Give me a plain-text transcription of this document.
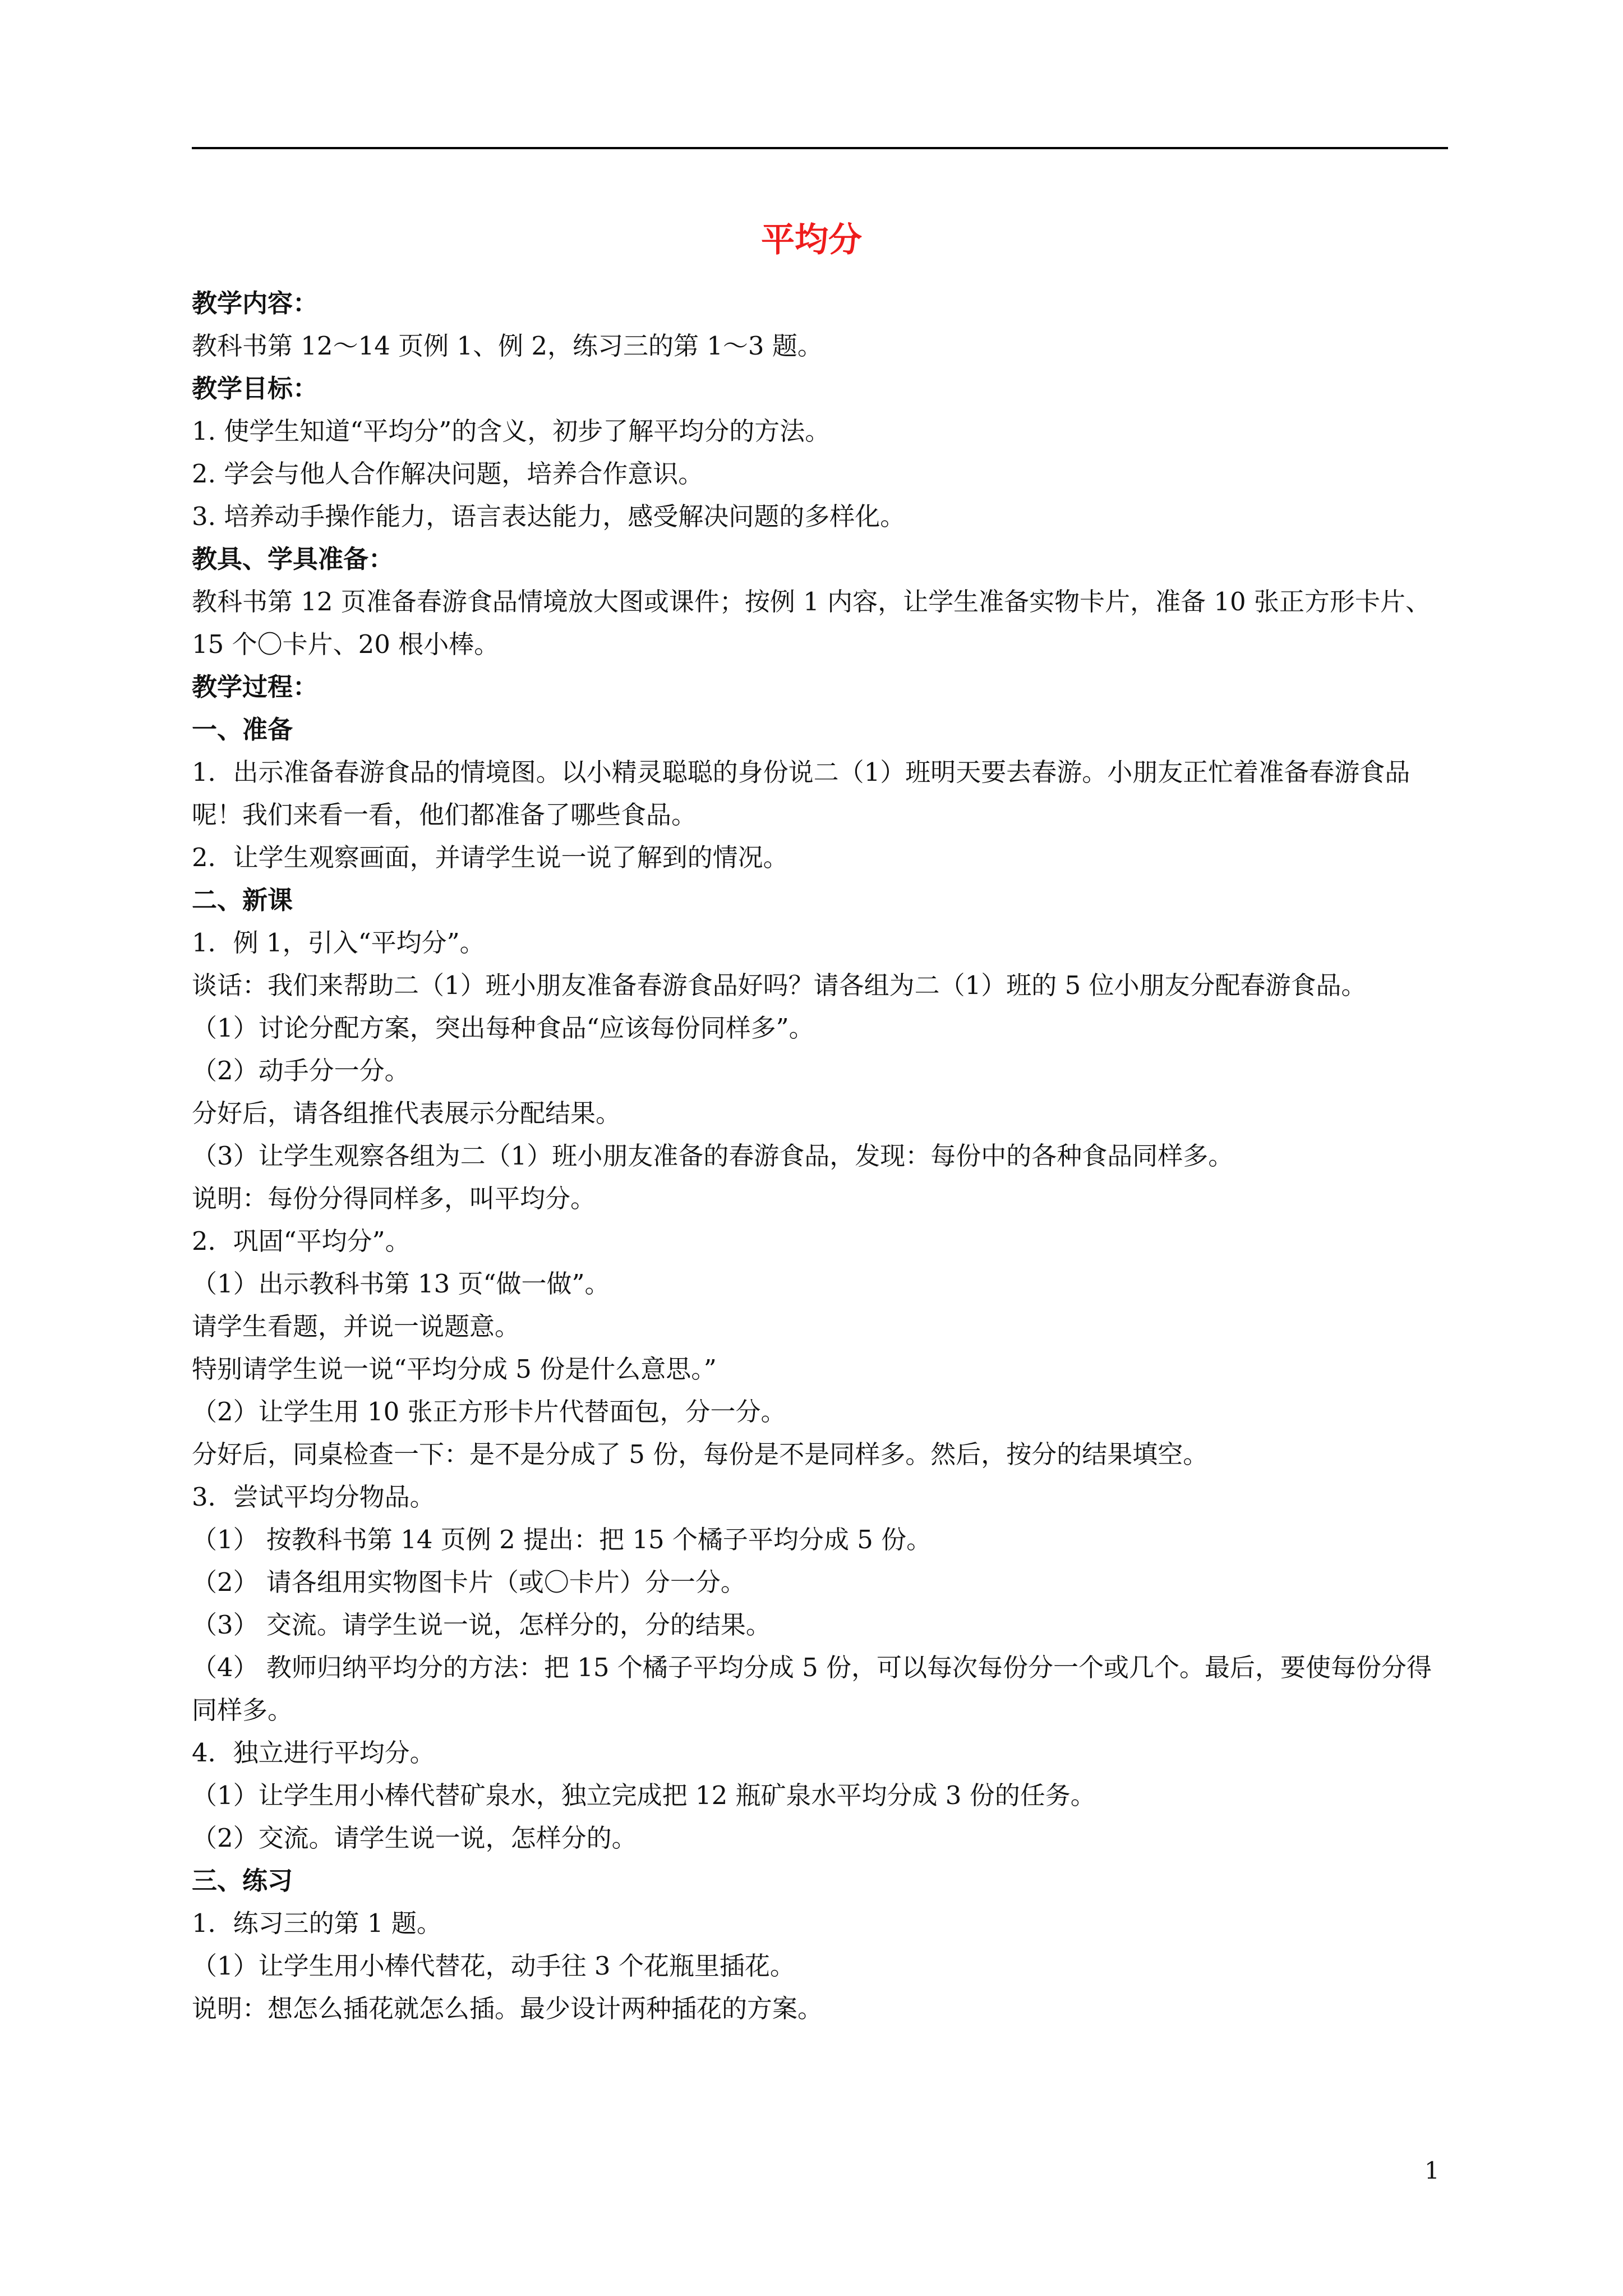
平均分

教学内容：

教科书第 12～14 页例 1、例 2，练习三的第 1～3 题。

教学目标：

1. 使学生知道“平均分”的含义，初步了解平均分的方法。

2. 学会与他人合作解决问题，培养合作意识。

3. 培养动手操作能力，语言表达能力，感受解决问题的多样化。

教具、学具准备：

教科书第 12 页准备春游食品情境放大图或课件；按例 1 内容，让学生准备实物卡片，准备 10 张正方形卡片、15 个〇卡片、20 根小棒。

教学过程：

一、准备

1．出示准备春游食品的情境图。以小精灵聪聪的身份说二（1）班明天要去春游。小朋友正忙着准备春游食品呢！我们来看一看，他们都准备了哪些食品。

2．让学生观察画面，并请学生说一说了解到的情况。

二、新课

1．例 1，引入“平均分”。

谈话：我们来帮助二（1）班小朋友准备春游食品好吗？请各组为二（1）班的 5 位小朋友分配春游食品。

（1）讨论分配方案，突出每种食品“应该每份同样多”。

（2）动手分一分。

分好后，请各组推代表展示分配结果。

（3）让学生观察各组为二（1）班小朋友准备的春游食品，发现：每份中的各种食品同样多。

说明：每份分得同样多，叫平均分。

2．巩固“平均分”。

（1）出示教科书第 13 页“做一做”。

请学生看题，并说一说题意。

特别请学生说一说“平均分成 5 份是什么意思。”

（2）让学生用 10 张正方形卡片代替面包，分一分。

分好后，同桌检查一下：是不是分成了 5 份，每份是不是同样多。然后，按分的结果填空。

3．尝试平均分物品。

（1） 按教科书第 14 页例 2 提出：把 15 个橘子平均分成 5 份。

（2） 请各组用实物图卡片（或〇卡片）分一分。

（3） 交流。请学生说一说，怎样分的，分的结果。

（4） 教师归纳平均分的方法：把 15 个橘子平均分成 5 份，可以每次每份分一个或几个。最后，要使每份分得同样多。

4．独立进行平均分。

（1）让学生用小棒代替矿泉水，独立完成把 12 瓶矿泉水平均分成 3 份的任务。

（2）交流。请学生说一说，怎样分的。

三、练习

1．练习三的第 1 题。

（1）让学生用小棒代替花，动手往 3 个花瓶里插花。

说明：想怎么插花就怎么插。最少设计两种插花的方案。

1
